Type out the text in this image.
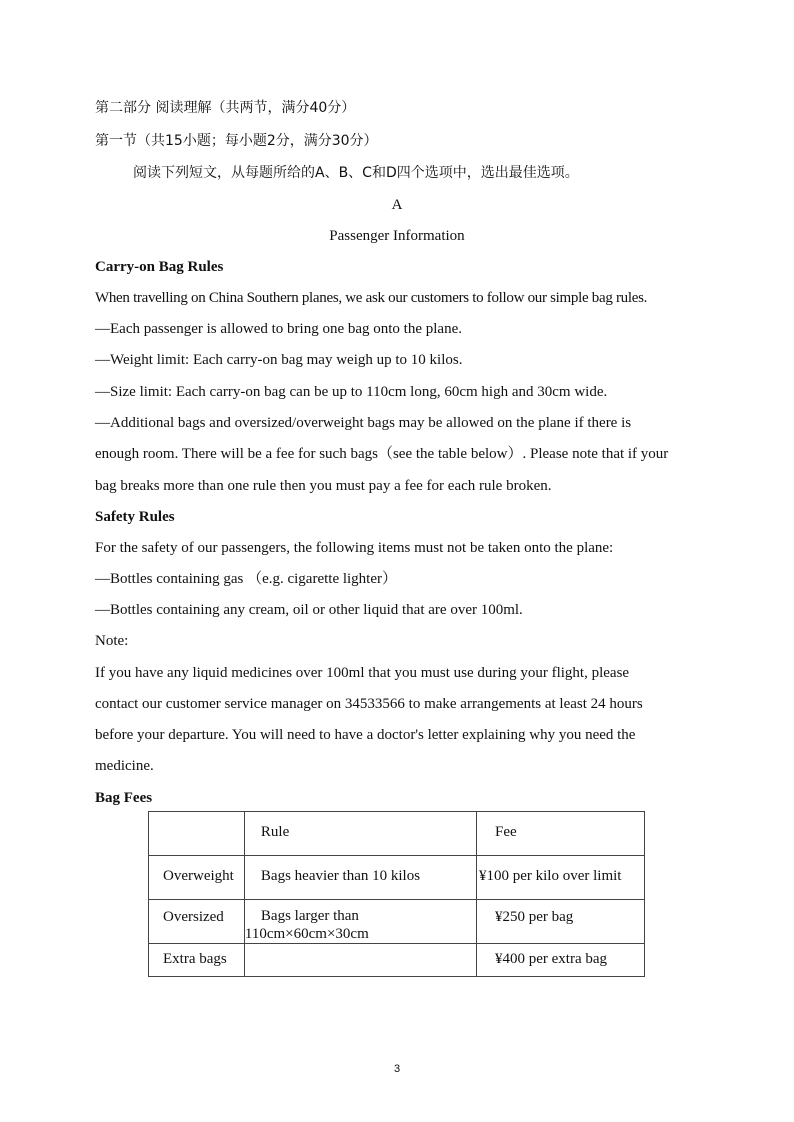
第二部分 阅读理解（共两节，满分40分）
第一节（共15小题；每小题2分，满分30分）
阅读下列短文，从每题所给的A、B、C和D四个选项中，选出最佳选项。
A
Passenger Information
Carry-on Bag Rules
When travelling on China Southern planes, we ask our customers to follow our simple bag rules.
—Each passenger is allowed to bring one bag onto the plane.
—Weight limit: Each carry-on bag may weigh up to 10 kilos.
—Size limit: Each carry-on bag can be up to 110cm long, 60cm high and 30cm wide.
—Additional bags and oversized/overweight bags may be allowed on the plane if there is
enough room. There will be a fee for such bags（see the table below）. Please note that if your
bag breaks more than one rule then you must pay a fee for each rule broken.
Safety Rules
For the safety of our passengers, the following items must not be taken onto the plane:
—Bottles containing gas （e.g. cigarette lighter）
—Bottles containing any cream, oil or other liquid that are over 100ml.
Note:
If you have any liquid medicines over 100ml that you must use during your flight, please
contact our customer service manager on 34533566 to make arrangements at least 24 hours
before your departure. You will need to have a doctor's letter explaining why you need the
medicine.
Bag Fees

	Rule	Fee

Overweight	Bags heavier than 10 kilos	¥100 per kilo over limit

Oversized	Bags larger than 110cm×60cm×30cm	¥250 per bag

Extra bags		¥400 per extra bag
3
